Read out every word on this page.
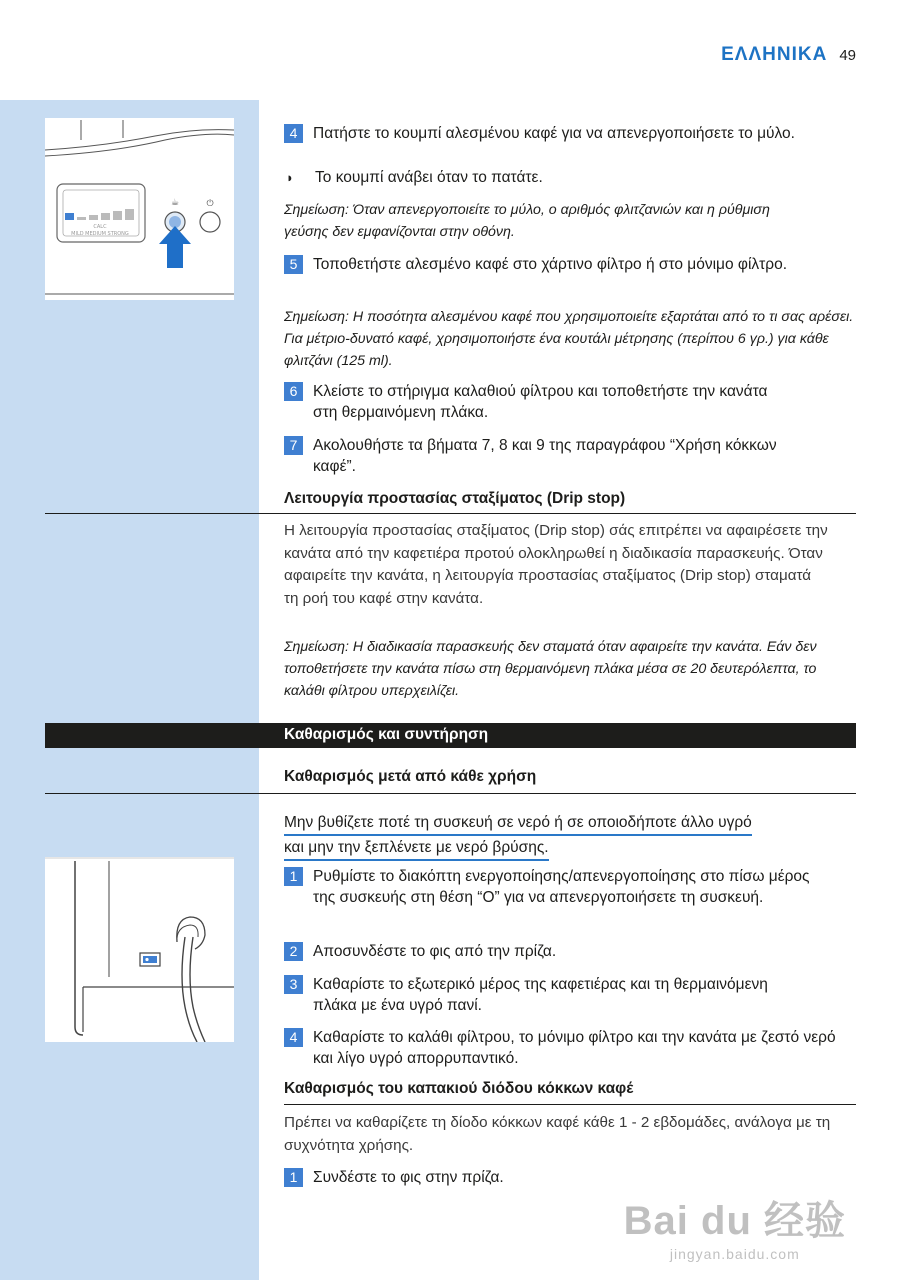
ΕΛΛΗΝΙΚΑ 49
CALC
MILD MEDIUM STRONG
☕	⏻
4	Πατήστε το κουμπί αλεσμένου καφέ για να απενεργοποιήσετε το μύλο.
◗	Το κουμπί ανάβει όταν το πατάτε.
Σημείωση: Όταν απενεργοποιείτε το μύλο, ο αριθμός φλιτζανιών και η ρύθμιση γεύσης δεν εμφανίζονται στην οθόνη.
5	Τοποθετήστε αλεσμένο καφέ στο χάρτινο φίλτρο ή στο μόνιμο φίλτρο.
Σημείωση: Η ποσότητα αλεσμένου καφέ που χρησιμοποιείτε εξαρτάται από το τι σας αρέσει. Για μέτριο-δυνατό καφέ, χρησιμοποιήστε ένα κουτάλι μέτρησης (περίπου 6 γρ.) για κάθε φλιτζάνι (125 ml).
6	Κλείστε το στήριγμα καλαθιού φίλτρου και τοποθετήστε την κανάτα στη θερμαινόμενη πλάκα.
7	Ακολουθήστε τα βήματα 7, 8 και 9 της παραγράφου “Χρήση κόκκων καφέ”.
Λειτουργία προστασίας σταξίματος (Drip stop)
Η λειτουργία προστασίας σταξίματος (Drip stop) σάς επιτρέπει να αφαιρέσετε την κανάτα από την καφετιέρα προτού ολοκληρωθεί η διαδικασία παρασκευής. Όταν αφαιρείτε την κανάτα, η λειτουργία προστασίας σταξίματος (Drip stop) σταματά τη ροή του καφέ στην κανάτα.
Σημείωση: Η διαδικασία παρασκευής δεν σταματά όταν αφαιρείτε την κανάτα. Εάν δεν τοποθετήσετε την κανάτα πίσω στη θερμαινόμενη πλάκα μέσα σε 20 δευτερόλεπτα, το καλάθι φίλτρου υπερχειλίζει.
Καθαρισμός και συντήρηση
Καθαρισμός μετά από κάθε χρήση
Μην βυθίζετε ποτέ τη συσκευή σε νερό ή σε οποιοδήποτε άλλο υγρό
και μην την ξεπλένετε με νερό βρύσης.
1	Ρυθμίστε το διακόπτη ενεργοποίησης/απενεργοποίησης στο πίσω μέρος της συσκευής στη θέση “O” για να απενεργοποιήσετε τη συσκευή.
2	Αποσυνδέστε το φις από την πρίζα.
3	Καθαρίστε το εξωτερικό μέρος της καφετιέρας και τη θερμαινόμενη πλάκα με ένα υγρό πανί.
4	Καθαρίστε το καλάθι φίλτρου, το μόνιμο φίλτρο και την κανάτα με ζεστό νερό και λίγο υγρό απορρυπαντικό.
Καθαρισμός του καπακιού διόδου κόκκων καφέ
Πρέπει να καθαρίζετε τη δίοδο κόκκων καφέ κάθε 1 - 2 εβδομάδες, ανάλογα με τη συχνότητα χρήσης.
1	Συνδέστε το φις στην πρίζα.
Bai du 经验
jingyan.baidu.com
